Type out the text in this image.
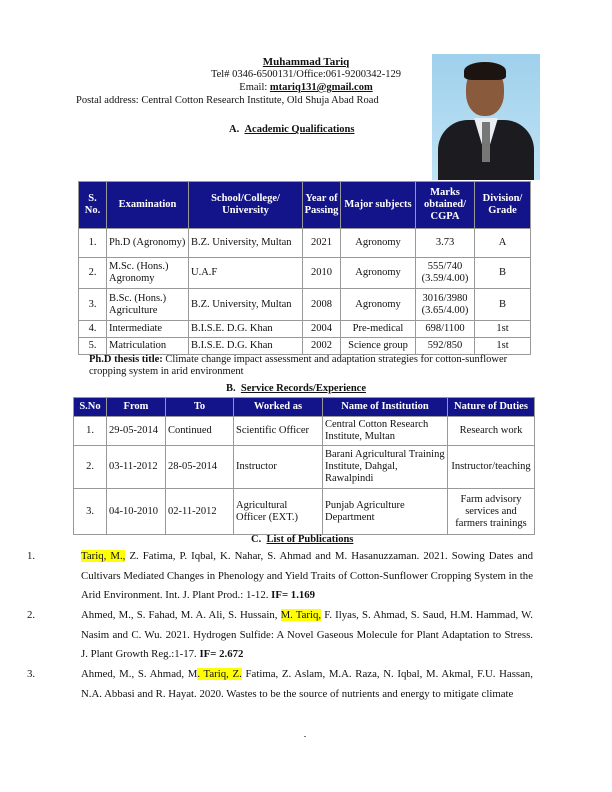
Muhammad Tariq
Tel# 0346-6500131/Office:061-9200342-129
Email: mtariq131@gmail.com
Postal address: Central Cotton Research Institute, Old Shuja Abad Road
A. Academic Qualifications
S. No.	Examination	School/College/ University	Year of Passing	Major subjects	Marks obtained/ CGPA	Division/ Grade
1.	Ph.D (Agronomy)	B.Z. University, Multan	2021	Agronomy	3.73	A
2.	M.Sc. (Hons.) Agronomy	U.A.F	2010	Agronomy	555/740 (3.59/4.00)	B
3.	B.Sc. (Hons.) Agriculture	B.Z. University, Multan	2008	Agronomy	3016/3980 (3.65/4.00)	B
4.	Intermediate	B.I.S.E. D.G. Khan	2004	Pre-medical	698/1100	1st
5.	Matriculation	B.I.S.E. D.G. Khan	2002	Science group	592/850	1st
Ph.D thesis title: Climate change impact assessment and adaptation strategies for cotton-sunflower cropping system in arid environment
B. Service Records/Experience
S.No	From	To	Worked as	Name of Institution	Nature of Duties
1.	29-05-2014	Continued	Scientific Officer	Central Cotton Research Institute, Multan	Research work
2.	03-11-2012	28-05-2014	Instructor	Barani Agricultural Training Institute, Dahgal, Rawalpindi	Instructor/teaching
3.	04-10-2010	02-11-2012	Agricultural Officer (EXT.)	Punjab Agriculture Department	Farm advisory services and farmers trainings
C. List of Publications
1.	Tariq, M., Z. Fatima, P. Iqbal, K. Nahar, S. Ahmad and M. Hasanuzzaman. 2021. Sowing Dates and Cultivars Mediated Changes in Phenology and Yield Traits of Cotton-Sunflower Cropping System in the Arid Environment. Int. J. Plant Prod.: 1-12. IF= 1.169
2.	Ahmed, M., S. Fahad, M. A. Ali, S. Hussain, M. Tariq, F. Ilyas, S. Ahmad, S. Saud, H.M. Hammad, W. Nasim and C. Wu. 2021. Hydrogen Sulfide: A Novel Gaseous Molecule for Plant Adaptation to Stress. J. Plant Growth Reg.:1-17. IF= 2.672
3.	Ahmed, M., S. Ahmad, M. Tariq, Z. Fatima, Z. Aslam, M.A. Raza, N. Iqbal, M. Akmal, F.U. Hassan, N.A. Abbasi and R. Hayat. 2020. Wastes to be the source of nutrients and energy to mitigate climate
